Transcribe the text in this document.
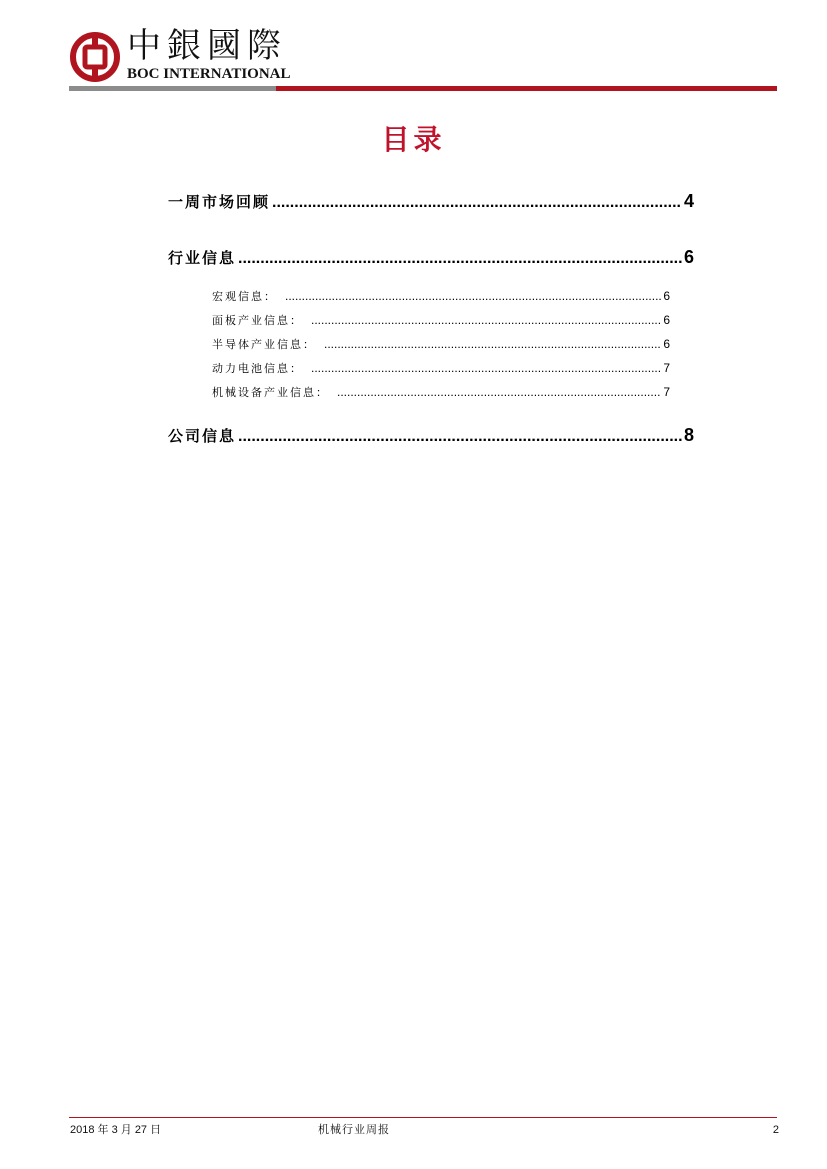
中銀國際
BOC INTERNATIONAL
目录
一周市场回顾 .....	4
行业信息 .....	6
宏观信息： .....	6
面板产业信息： .....	6
半导体产业信息： .....	6
动力电池信息： .....	7
机械设备产业信息： .....	7
公司信息 .....	8
2018 年 3 月 27 日	机械行业周报	2
